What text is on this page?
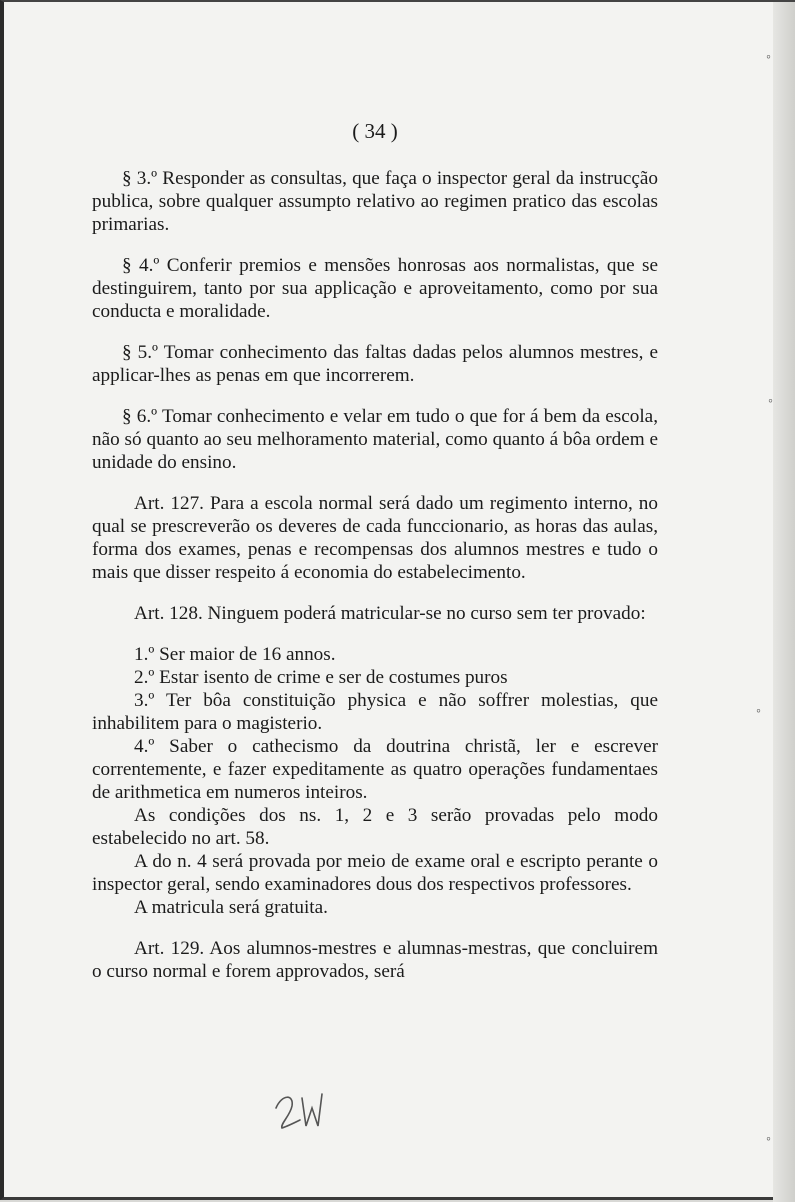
◦
◦
◦
◦
( 34 )

§ 3.º Responder as consultas, que faça o inspector geral da instrucção publica, sobre qualquer assumpto relativo ao regimen pratico das escolas primarias.

§ 4.º Conferir premios e mensões honrosas aos normalistas, que se destinguirem, tanto por sua applicação e aproveitamento, como por sua conducta e moralidade.

§ 5.º Tomar conhecimento das faltas dadas pelos alumnos mestres, e applicar-lhes as penas em que incorrerem.

§ 6.º Tomar conhecimento e velar em tudo o que for á bem da escola, não só quanto ao seu melhoramento material, como quanto á bôa ordem e unidade do ensino.

Art. 127. Para a escola normal será dado um regimento interno, no qual se prescreverão os deveres de cada funccionario, as horas das aulas, forma dos exames, penas e recompensas dos alumnos mestres e tudo o mais que disser respeito á economia do estabelecimento.

Art. 128. Ninguem poderá matricular-se no curso sem ter provado:

1.º Ser maior de 16 annos.

2.º Estar isento de crime e ser de costumes puros

3.º Ter bôa constituição physica e não soffrer molestias, que inhabilitem para o magisterio.

4.º Saber o cathecismo da doutrina christã, ler e escrever correntemente, e fazer expeditamente as quatro operações fundamentaes de arithmetica em numeros inteiros.

As condições dos ns. 1, 2 e 3 serão provadas pelo modo estabelecido no art. 58.

A do n. 4 será provada por meio de exame oral e escripto perante o inspector geral, sendo examinadores dous dos respectivos professores.

A matricula será gratuita.

Art. 129. Aos alumnos-mestres e alumnas-mestras, que concluirem o curso normal e forem approvados, será
